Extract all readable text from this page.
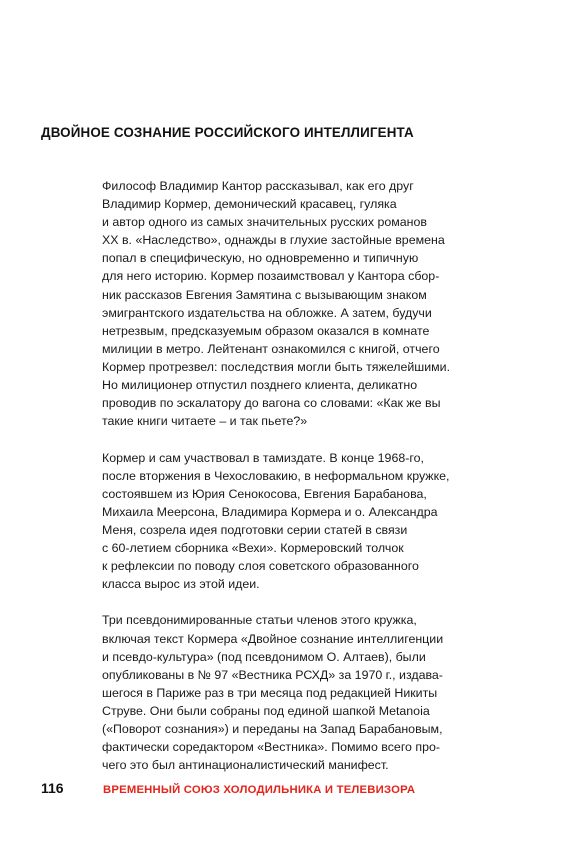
ДВОЙНОЕ СОЗНАНИЕ РОССИЙСКОГО ИНТЕЛЛИГЕНТА

Философ Владимир Кантор рассказывал, как его друг
Владимир Кормер, демонический красавец, гуляка
и автор одного из самых значительных русских романов
XX в. «Наследство», однажды в глухие застойные времена
попал в специфическую, но одновременно и типичную
для него историю. Кормер позаимствовал у Кантора сбор-
ник рассказов Евгения Замятина с вызывающим знаком
эмигрантского издательства на обложке. А затем, будучи
нетрезвым, предсказуемым образом оказался в комнате
милиции в метро. Лейтенант ознакомился с книгой, отчего
Кормер протрезвел: последствия могли быть тяжелейшими.
Но милиционер отпустил позднего клиента, деликатно
проводив по эскалатору до вагона со словами: «Как же вы
такие книги читаете – и так пьете?»

Кормер и сам участвовал в тамиздате. В конце 1968-го,
после вторжения в Чехословакию, в неформальном кружке,
состоявшем из Юрия Сенокосова, Евгения Барабанова,
Михаила Меерсона, Владимира Кормера и о. Александра
Меня, созрела идея подготовки серии статей в связи
с 60-летием сборника «Вехи». Кормеровский толчок
к рефлексии по поводу слоя советского образованного
класса вырос из этой идеи.

Три псевдонимированные статьи членов этого кружка,
включая текст Кормера «Двойное сознание интеллигенции
и псевдо-культура» (под псевдонимом О. Алтаев), были
опубликованы в № 97 «Вестника РСХД» за 1970 г., издава-
шегося в Париже раз в три месяца под редакцией Никиты
Струве. Они были собраны под единой шапкой Metanoia
(«Поворот сознания») и переданы на Запад Барабановым,
фактически соредактором «Вестника». Помимо всего про-
чего это был антинационалистический манифест.

116	ВРЕМЕННЫЙ СОЮЗ ХОЛОДИЛЬНИКА И ТЕЛЕВИЗОРА
